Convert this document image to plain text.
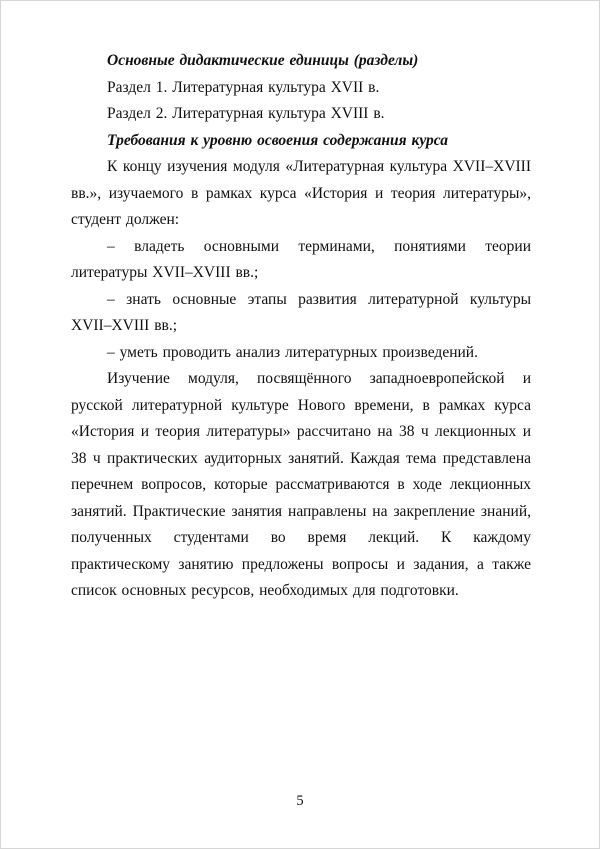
Основные дидактические единицы (разделы)

Раздел 1. Литературная культура XVII в.

Раздел 2. Литературная культура XVIII в.

Требования к уровню освоения содержания курса

К концу изучения модуля «Литературная культура XVII–XVIII вв.», изучаемого в рамках курса «История и теория литературы», студент должен:

– владеть основными терминами, понятиями теории литературы XVII–XVIII вв.;

– знать основные этапы развития литературной культуры XVII–XVIII вв.;

– уметь проводить анализ литературных произведений.

Изучение модуля, посвящённого западноевропейской и русской литературной культуре Нового времени, в рамках курса «История и теория литературы» рассчитано на 38 ч лекционных и 38 ч практических аудиторных занятий. Каждая тема представлена перечнем вопросов, которые рассматриваются в ходе лекционных занятий. Практические занятия направлены на закрепление знаний, полученных студентами во время лекций. К каждому практическому занятию предложены вопросы и задания, а также список основных ресурсов, необходимых для подготовки.

5
